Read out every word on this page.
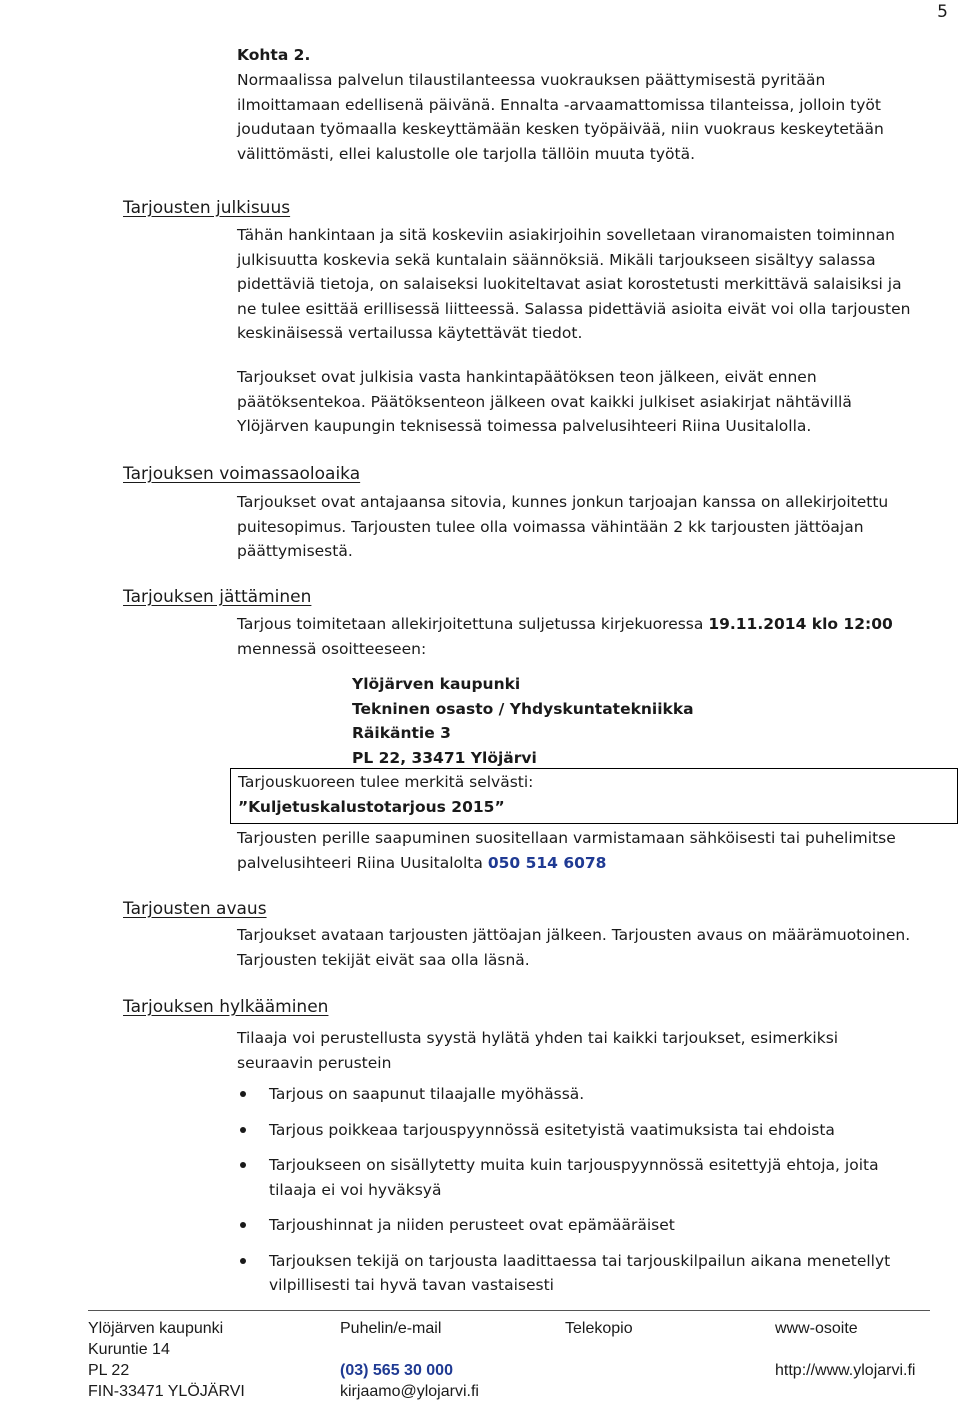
5

Kohta 2.

Normaalissa palvelun tilaustilanteessa vuokrauksen päättymisestä pyritään ilmoittamaan edellisenä päivänä. Ennalta -arvaamattomissa tilanteissa, jolloin työt joudutaan työmaalla keskeyttämään kesken työpäivää, niin vuokraus keskeytetään välittömästi, ellei kalustolle ole tarjolla tällöin muuta työtä.

Tarjousten julkisuus

Tähän hankintaan ja sitä koskeviin asiakirjoihin sovelletaan viranomaisten toiminnan julkisuutta koskevia sekä kuntalain säännöksiä. Mikäli tarjoukseen sisältyy salassa pidettäviä tietoja, on salaiseksi luokiteltavat asiat korostetusti merkittävä salaisiksi ja ne tulee esittää erillisessä liitteessä. Salassa pidettäviä asioita eivät voi olla tarjousten keskinäisessä vertailussa käytettävät tiedot.

Tarjoukset ovat julkisia vasta hankintapäätöksen teon jälkeen, eivät ennen päätöksentekoa. Päätöksenteon jälkeen ovat kaikki julkiset asiakirjat nähtävillä Ylöjärven kaupungin teknisessä toimessa palvelusihteeri Riina Uusitalolla.

Tarjouksen voimassaoloaika

Tarjoukset ovat antajaansa sitovia, kunnes jonkun tarjoajan kanssa on allekirjoitettu puitesopimus. Tarjousten tulee olla voimassa vähintään 2 kk tarjousten jättöajan päättymisestä.

Tarjouksen jättäminen

Tarjous toimitetaan allekirjoitettuna suljetussa kirjekuoressa 19.11.2014 klo 12:00 mennessä osoitteeseen:

Ylöjärven kaupunki
Tekninen osasto / Yhdyskuntatekniikka
Räikäntie 3
PL 22, 33471 Ylöjärvi
Tarjouskuoreen tulee merkitä selvästi:
”Kuljetuskalustotarjous 2015”

Tarjousten perille saapuminen suositellaan varmistamaan sähköisesti tai puhelimitse palvelusihteeri Riina Uusitalolta 050 514 6078

Tarjousten avaus

Tarjoukset avataan tarjousten jättöajan jälkeen. Tarjousten avaus on määrämuotoinen. Tarjousten tekijät eivät saa olla läsnä.

Tarjouksen hylkääminen

Tilaaja voi perustellusta syystä hylätä yhden tai kaikki tarjoukset, esimerkiksi seuraavin perustein

Tarjous on saapunut tilaajalle myöhässä.
Tarjous poikkeaa tarjouspyynnössä esitetyistä vaatimuksista tai ehdoista
Tarjoukseen on sisällytetty muita kuin tarjouspyynnössä esitettyjä ehtoja, joita tilaaja ei voi hyväksyä
Tarjoushinnat ja niiden perusteet ovat epämääräiset
Tarjouksen tekijä on tarjousta laadittaessa tai tarjouskilpailun aikana menetellyt vilpillisesti tai hyvä tavan vastaisesti
Ylöjärven kaupunki
Kuruntie 14
PL 22
FIN-33471 YLÖJÄRVI
Puhelin/e-mail

(03) 565 30 000
kirjaamo@ylojarvi.fi
Telekopio	www-osoite

http://www.ylojarvi.fi
